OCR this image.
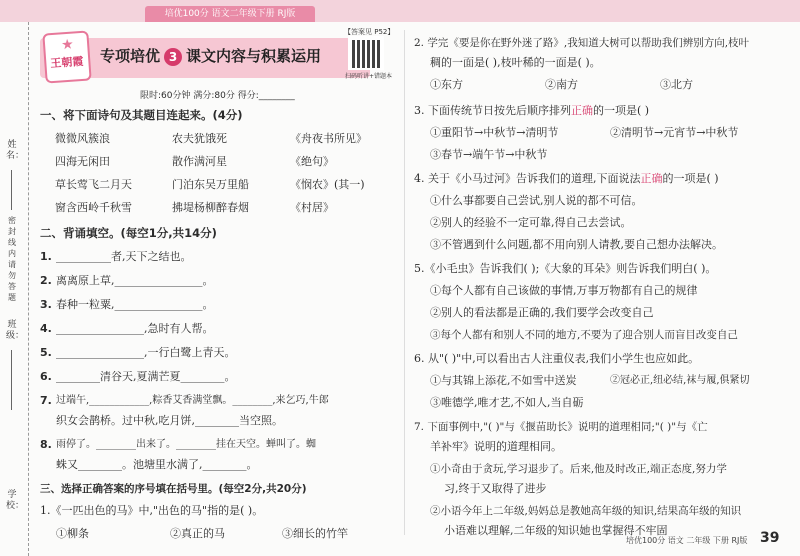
培优100分 语文二年级下册 RJ版
姓名：
密封线内请勿答题
班级：
学校：
★
王朝霞 专项培优 3 课文内容与积累运用
【答案见 P52】
扫码听讲+错题本
限时:60分钟 满分:80分 得分:________
一、将下面诗句及其题目连起来。(4分)
微微风簇浪	农夫犹饿死	《舟夜书所见》
四海无闲田	散作满河星	《绝句》
草长莺飞二月天	门泊东吴万里船	《悯农》(其一)
窗含西岭千秋雪	拂堤杨柳醉春烟	《村居》
二、背诵填空。(每空1分,共14分)
1. __________者,天下之结也。
2. 离离原上草,________________。
3. 春种一粒粟,________________。
4. ________________,急时有人帮。
5. ________________,一行白鹭上青天。
6. ________清谷天,夏满芒夏________。
7. 过端午,____________,粽香艾香满堂飘。________,来乞巧,牛郎
织女会鹊桥。过中秋,吃月饼,________当空照。
8. 雨停了。________出来了。________挂在天空。蝉叫了。蜘
蛛又________。池塘里水满了,________。
三、选择正确答案的序号填在括号里。(每空2分,共20分)
1.《一匹出色的马》中,"出色的马"指的是( )。
①柳条	②真正的马	③细长的竹竿
2. 学完《要是你在野外迷了路》,我知道大树可以帮助我们辨别方向,枝叶
稠的一面是( ),枝叶稀的一面是( )。
①东方	②南方	③北方
3. 下面传统节日按先后顺序排列正确的一项是( )
①重阳节→中秋节→清明节	②清明节→元宵节→中秋节
③春节→端午节→中秋节
4. 关于《小马过河》告诉我们的道理,下面说法正确的一项是( )
①什么事都要自己尝试,别人说的都不可信。
②别人的经验不一定可靠,得自己去尝试。
③不管遇到什么问题,都不用向别人请教,要自己想办法解决。
5.《小毛虫》告诉我们( );《大象的耳朵》则告诉我们明白( )。
①每个人都有自己该做的事情,万事万物都有自己的规律
②别人的看法都是正确的,我们要学会改变自己
③每个人都有和别人不同的地方,不要为了迎合别人而盲目改变自己
6. 从"( )"中,可以看出古人注重仪表,我们小学生也应如此。
①与其锦上添花,不如雪中送炭	②冠必正,纽必结,袜与履,俱紧切
③唯德学,唯才艺,不如人,当自砺
7. 下面事例中,"( )"与《揠苗助长》说明的道理相同;"( )"与《亡
羊补牢》说明的道理相同。
①小奇由于贪玩,学习退步了。后来,他及时改正,端正态度,努力学
习,终于又取得了进步
②小语今年上二年级,妈妈总是教她高年级的知识,结果高年级的知识
小语难以理解,二年级的知识她也掌握得不牢固
培优100分 语文 二年级 下册 RJ版 39
